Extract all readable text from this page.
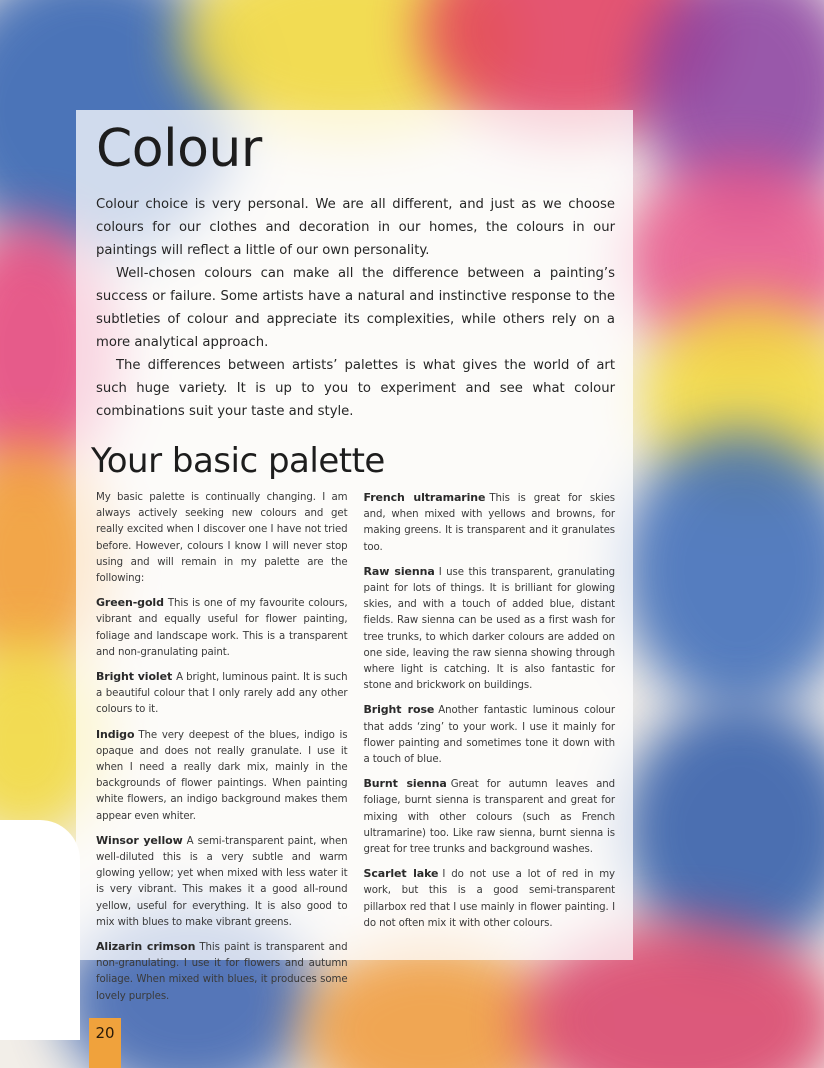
Colour

Colour choice is very personal. We are all different, and just as we choose colours for our clothes and decoration in our homes, the colours in our paintings will reflect a little of our own personality.

Well-chosen colours can make all the difference between a painting’s success or failure. Some artists have a natural and instinctive response to the subtleties of colour and appreciate its complexities, while others rely on a more analytical approach.

The differences between artists’ palettes is what gives the world of art such huge variety. It is up to you to experiment and see what colour combinations suit your taste and style.

Your basic palette

My basic palette is continually changing. I am always actively seeking new colours and get really excited when I discover one I have not tried before. However, colours I know I will never stop using and will remain in my palette are the following:

Green-gold This is one of my favourite colours, vibrant and equally useful for flower painting, foliage and landscape work. This is a transparent and non-granulating paint.

Bright violet A bright, luminous paint. It is such a beautiful colour that I only rarely add any other colours to it.

Indigo The very deepest of the blues, indigo is opaque and does not really granulate. I use it when I need a really dark mix, mainly in the backgrounds of flower paintings. When painting white flowers, an indigo background makes them appear even whiter.

Winsor yellow A semi-transparent paint, when well-diluted this is a very subtle and warm glowing yellow; yet when mixed with less water it is very vibrant. This makes it a good all-round yellow, useful for everything. It is also good to mix with blues to make vibrant greens.

Alizarin crimson This paint is transparent and non-granulating. I use it for flowers and autumn foliage. When mixed with blues, it produces some lovely purples.

French ultramarine This is great for skies and, when mixed with yellows and browns, for making greens. It is transparent and it granulates too.

Raw sienna I use this transparent, granulating paint for lots of things. It is brilliant for glowing skies, and with a touch of added blue, distant fields. Raw sienna can be used as a first wash for tree trunks, to which darker colours are added on one side, leaving the raw sienna showing through where light is catching. It is also fantastic for stone and brickwork on buildings.

Bright rose Another fantastic luminous colour that adds ‘zing’ to your work. I use it mainly for flower painting and sometimes tone it down with a touch of blue.

Burnt sienna Great for autumn leaves and foliage, burnt sienna is transparent and great for mixing with other colours (such as French ultramarine) too. Like raw sienna, burnt sienna is great for tree trunks and background washes.

Scarlet lake I do not use a lot of red in my work, but this is a good semi-transparent pillarbox red that I use mainly in flower painting. I do not often mix it with other colours.

20
